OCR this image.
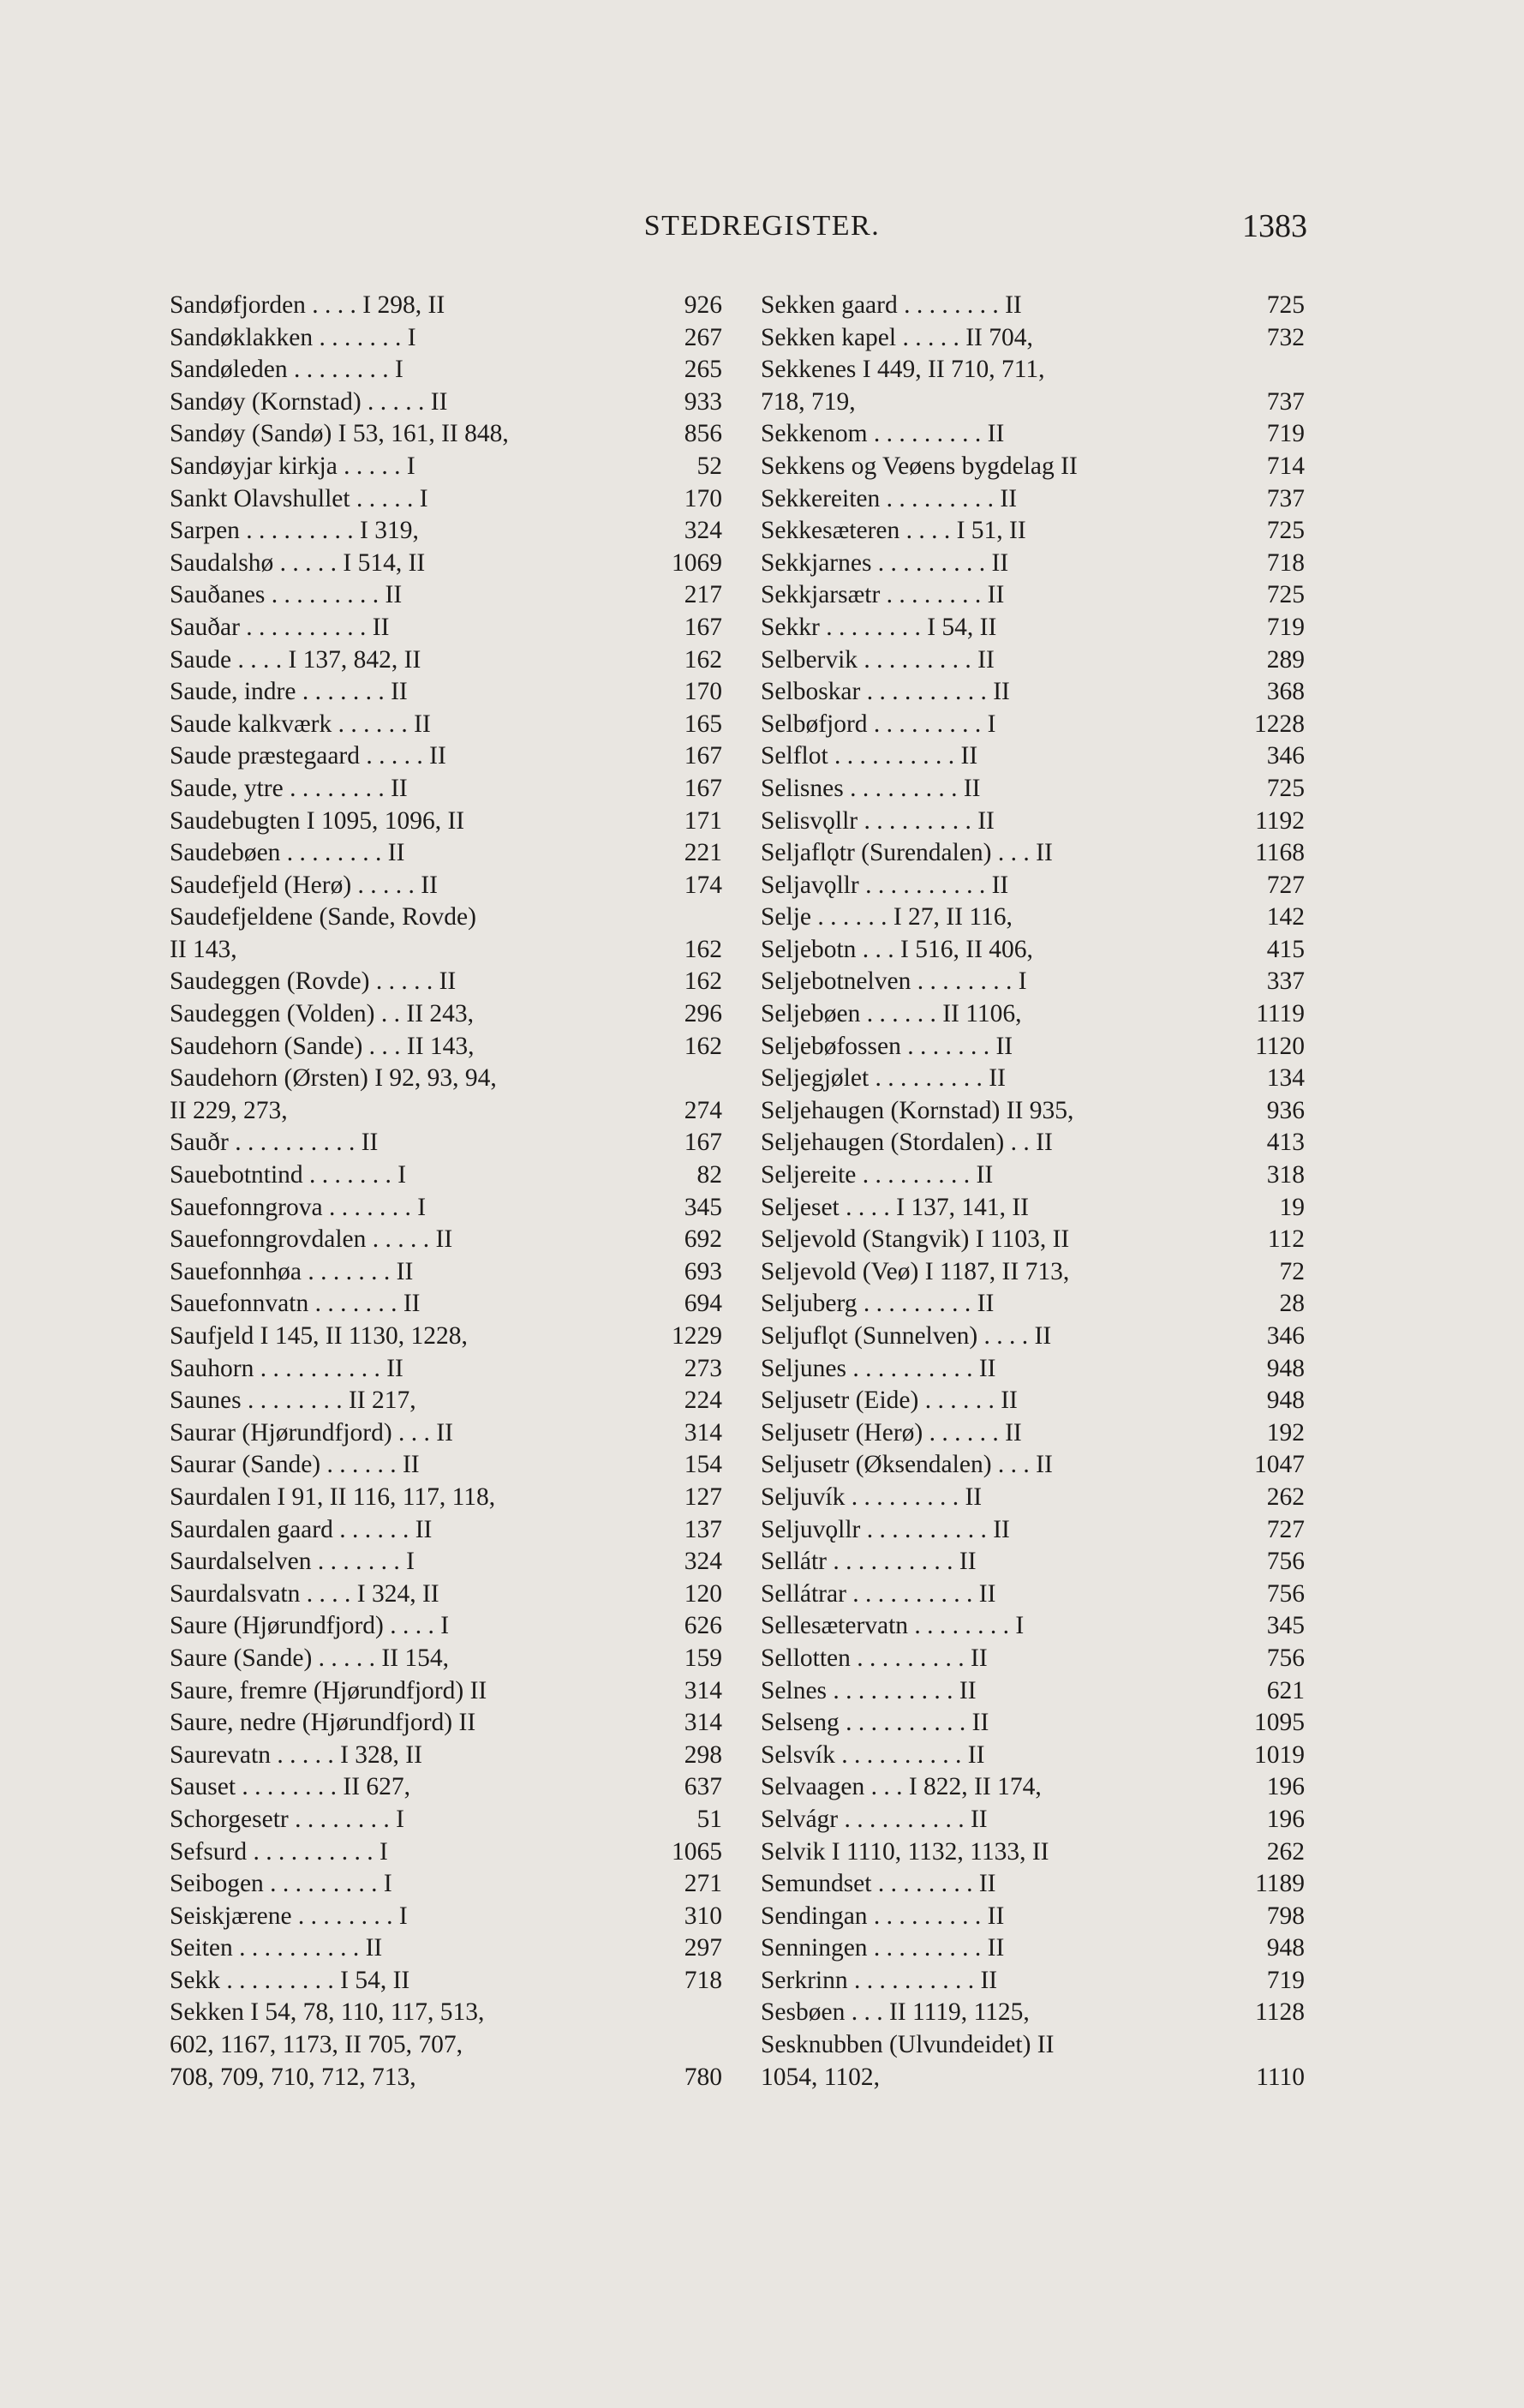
STEDREGISTER.	1383
Sandøfjorden . . . . I 298, II	926
Sandøklakken . . . . . . . I	267
Sandøleden . . . . . . . . I	265
Sandøy (Kornstad) . . . . . II	933
Sandøy (Sandø) I 53, 161, II 848,	856
Sandøyjar kirkja . . . . . I	52
Sankt Olavshullet . . . . . I	170
Sarpen . . . . . . . . . I 319,	324
Saudalshø . . . . . I 514, II	1069
Sauðanes . . . . . . . . . II	217
Sauðar . . . . . . . . . . II	167
Saude . . . . I 137, 842, II	162
Saude, indre . . . . . . . II	170
Saude kalkværk . . . . . . II	165
Saude præstegaard . . . . . II	167
Saude, ytre . . . . . . . . II	167
Saudebugten I 1095, 1096, II	171
Saudebøen . . . . . . . . II	221
Saudefjeld (Herø) . . . . . II	174
Saudefjeldene (Sande, Rovde)
II 143,	162
Saudeggen (Rovde) . . . . . II	162
Saudeggen (Volden) . . II 243,	296
Saudehorn (Sande) . . . II 143,	162
Saudehorn (Ørsten) I 92, 93, 94,
II 229, 273,	274
Sauðr . . . . . . . . . . II	167
Sauebotntind . . . . . . . I	82
Sauefonngrova . . . . . . . I	345
Sauefonngrovdalen . . . . . II	692
Sauefonnhøa . . . . . . . II	693
Sauefonnvatn . . . . . . . II	694
Saufjeld I 145, II 1130, 1228,	1229
Sauhorn . . . . . . . . . . II	273
Saunes . . . . . . . . II 217,	224
Saurar (Hjørundfjord) . . . II	314
Saurar (Sande) . . . . . . II	154
Saurdalen I 91, II 116, 117, 118,	127
Saurdalen gaard . . . . . . II	137
Saurdalselven . . . . . . . I	324
Saurdalsvatn . . . . I 324, II	120
Saure (Hjørundfjord) . . . . I	626
Saure (Sande) . . . . . II 154,	159
Saure, fremre (Hjørundfjord) II	314
Saure, nedre (Hjørundfjord) II	314
Saurevatn . . . . . I 328, II	298
Sauset . . . . . . . . II 627,	637
Schorgesetr . . . . . . . . I	51
Sefsurd . . . . . . . . . . I	1065
Seibogen . . . . . . . . . I	271
Seiskjærene . . . . . . . . I	310
Seiten . . . . . . . . . . II	297
Sekk . . . . . . . . . I 54, II	718
Sekken I 54, 78, 110, 117, 513,
602, 1167, 1173, II 705, 707,
708, 709, 710, 712, 713,	780
Sekken gaard . . . . . . . . II	725
Sekken kapel . . . . . II 704,	732
Sekkenes I 449, II 710, 711,
718, 719,	737
Sekkenom . . . . . . . . . II	719
Sekkens og Veøens bygdelag II	714
Sekkereiten . . . . . . . . . II	737
Sekkesæteren . . . . I 51, II	725
Sekkjarnes . . . . . . . . . II	718
Sekkjarsætr . . . . . . . . II	725
Sekkr . . . . . . . . I 54, II	719
Selbervik . . . . . . . . . II	289
Selboskar . . . . . . . . . . II	368
Selbøfjord . . . . . . . . . I	1228
Selflot . . . . . . . . . . II	346
Selisnes . . . . . . . . . II	725
Selisvǫllr . . . . . . . . . II	1192
Seljaflǫtr (Surendalen) . . . II	1168
Seljavǫllr . . . . . . . . . . II	727
Selje . . . . . . I 27, II 116,	142
Seljebotn . . . I 516, II 406,	415
Seljebotnelven . . . . . . . . I	337
Seljebøen . . . . . . II 1106,	1119
Seljebøfossen . . . . . . . II	1120
Seljegjølet . . . . . . . . . II	134
Seljehaugen (Kornstad) II 935,	936
Seljehaugen (Stordalen) . . II	413
Seljereite . . . . . . . . . II	318
Seljeset . . . . I 137, 141, II	19
Seljevold (Stangvik) I 1103, II	112
Seljevold (Veø) I 1187, II 713,	72
Seljuberg . . . . . . . . . II	28
Seljuflǫt (Sunnelven) . . . . II	346
Seljunes . . . . . . . . . . II	948
Seljusetr (Eide) . . . . . . II	948
Seljusetr (Herø) . . . . . . II	192
Seljusetr (Øksendalen) . . . II	1047
Seljuvík . . . . . . . . . II	262
Seljuvǫllr . . . . . . . . . . II	727
Sellátr . . . . . . . . . . II	756
Sellátrar . . . . . . . . . . II	756
Sellesætervatn . . . . . . . . I	345
Sellotten . . . . . . . . . II	756
Selnes . . . . . . . . . . II	621
Selseng . . . . . . . . . . II	1095
Selsvík . . . . . . . . . . II	1019
Selvaagen . . . I 822, II 174,	196
Selvágr . . . . . . . . . . II	196
Selvik I 1110, 1132, 1133, II	262
Semundset . . . . . . . . II	1189
Sendingan . . . . . . . . . II	798
Senningen . . . . . . . . . II	948
Serkrinn . . . . . . . . . . II	719
Sesbøen . . . II 1119, 1125,	1128
Sesknubben (Ulvundeidet) II
1054, 1102,	1110
